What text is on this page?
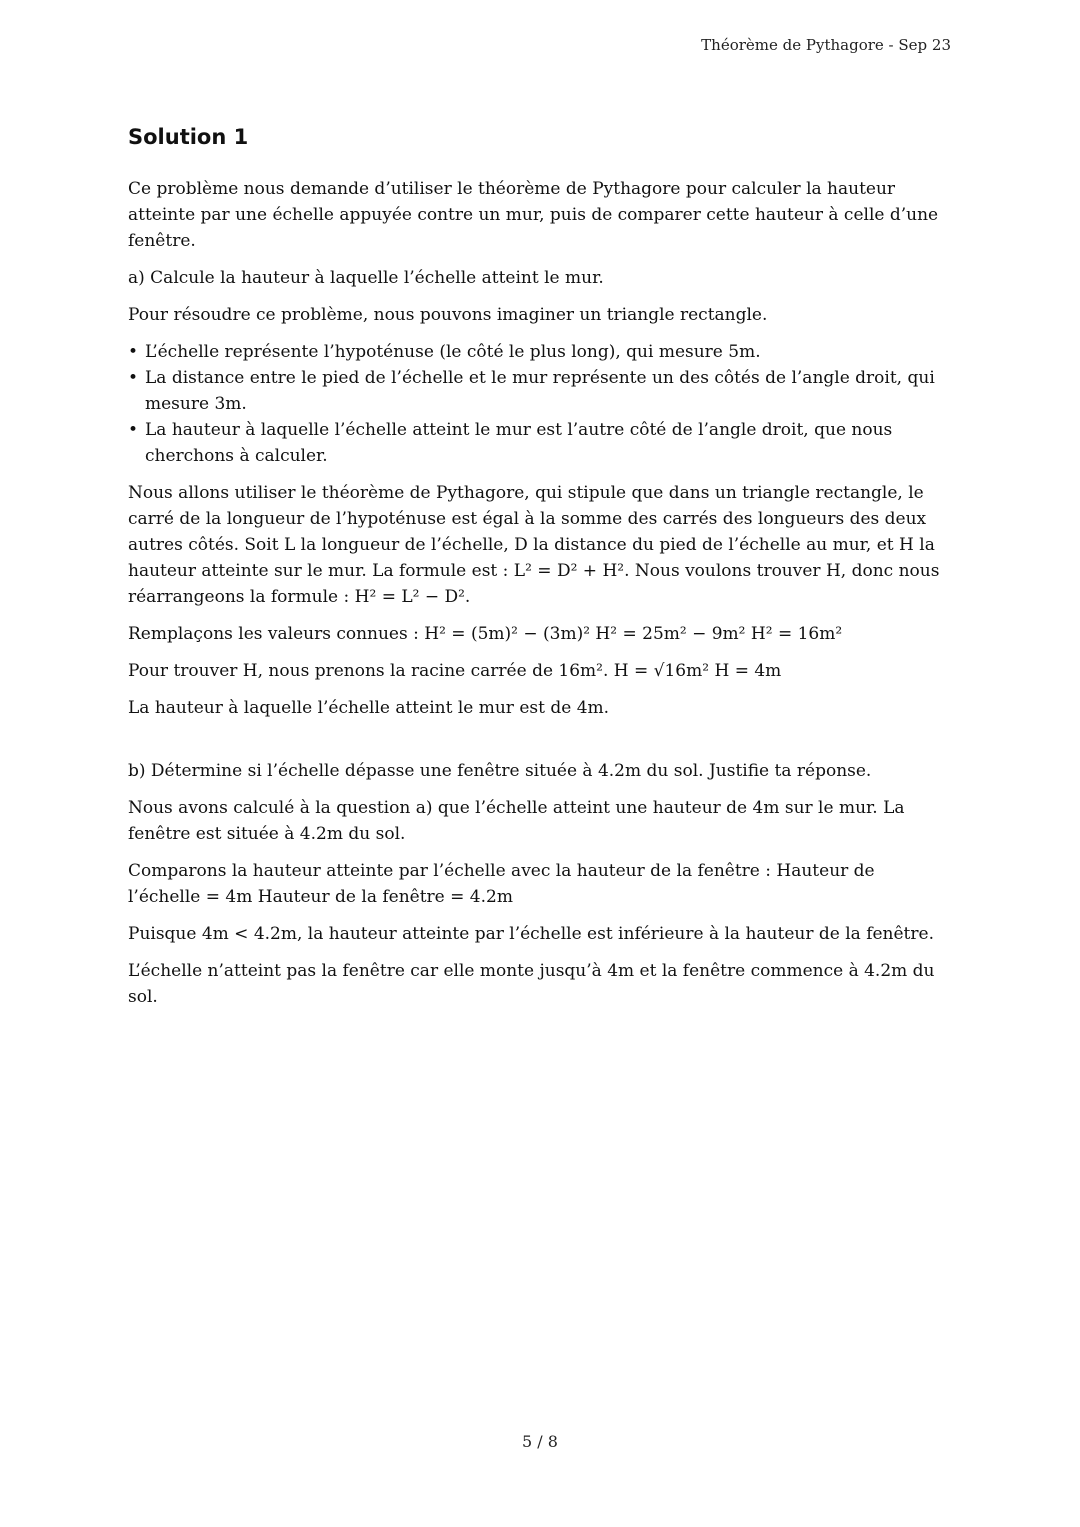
Théorème de Pythagore - Sep 23
Solution 1

Ce problème nous demande d’utiliser le théorème de Pythagore pour calculer la hauteur atteinte par une échelle appuyée contre un mur, puis de comparer cette hauteur à celle d’une fenêtre.

a) Calcule la hauteur à laquelle l’échelle atteint le mur.

Pour résoudre ce problème, nous pouvons imaginer un triangle rectangle.

• L’échelle représente l’hypoténuse (le côté le plus long), qui mesure 5m.
• La distance entre le pied de l’échelle et le mur représente un des côtés de l’angle droit, qui mesure 3m.
• La hauteur à laquelle l’échelle atteint le mur est l’autre côté de l’angle droit, que nous cherchons à calculer.

Nous allons utiliser le théorème de Pythagore, qui stipule que dans un triangle rectangle, le carré de la longueur de l’hypoténuse est égal à la somme des carrés des longueurs des deux autres côtés. Soit L la longueur de l’échelle, D la distance du pied de l’échelle au mur, et H la hauteur atteinte sur le mur. La formule est : L² = D² + H². Nous voulons trouver H, donc nous réarrangeons la formule : H² = L² − D².

Remplaçons les valeurs connues : H² = (5m)² − (3m)² H² = 25m² − 9m² H² = 16m²

Pour trouver H, nous prenons la racine carrée de 16m². H = √16m² H = 4m

La hauteur à laquelle l’échelle atteint le mur est de 4m.

b) Détermine si l’échelle dépasse une fenêtre située à 4.2m du sol. Justifie ta réponse.

Nous avons calculé à la question a) que l’échelle atteint une hauteur de 4m sur le mur. La fenêtre est située à 4.2m du sol.

Comparons la hauteur atteinte par l’échelle avec la hauteur de la fenêtre : Hauteur de l’échelle = 4m Hauteur de la fenêtre = 4.2m

Puisque 4m < 4.2m, la hauteur atteinte par l’échelle est inférieure à la hauteur de la fenêtre.

L’échelle n’atteint pas la fenêtre car elle monte jusqu’à 4m et la fenêtre commence à 4.2m du sol.

5 / 8
